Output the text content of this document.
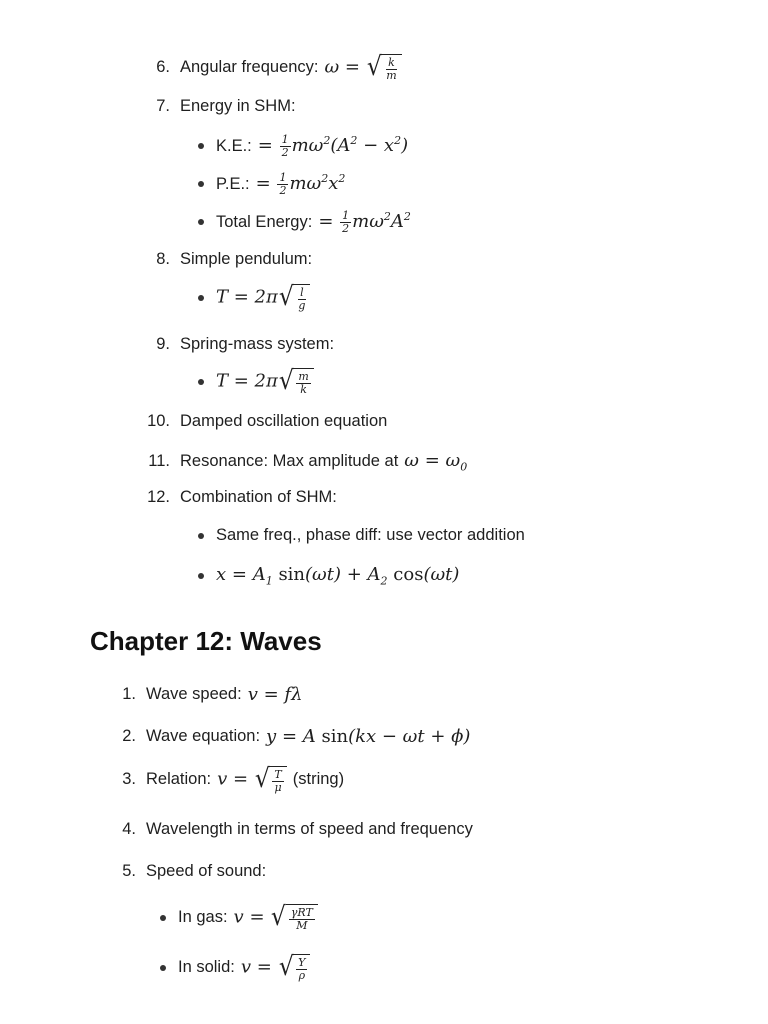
6. Angular frequency: ω = √ $\frac{k}{m}$
7. Energy in SHM:
K.E.: = $\frac{1}{2} m\omega^2(A^2 - x^2)$
P.E.: = $\frac{1}{2} m\omega^2x^2$
Total Energy: = $\frac{1}{2} m\omega^2A^2$
8. Simple pendulum:
T = 2π √ $\frac{l}{g}$
9. Spring-mass system:
T = 2π √ $\frac{m}{k}$
10. Damped oscillation equation
11. Resonance: Max amplitude at $\omega = \omega_0$
12. Combination of SHM:
Same freq., phase diff: use vector addition
$x = A_1$ $\sin(\omega t) + A_2$ cos(ωt)
Chapter 12: Waves
1. Wave speed: v = fλ
2. Wave equation: y = A sin(kx − ωt + ϕ)
3. Relation: v = √ $\frac{T}{\mu}$ (string)
4. Wavelength in terms of speed and frequency
5. Speed of sound:
In gas: v = √ $\frac{\text{γRT}}{M}$
In solid: v = √ $\frac{Y}{\rho}$
